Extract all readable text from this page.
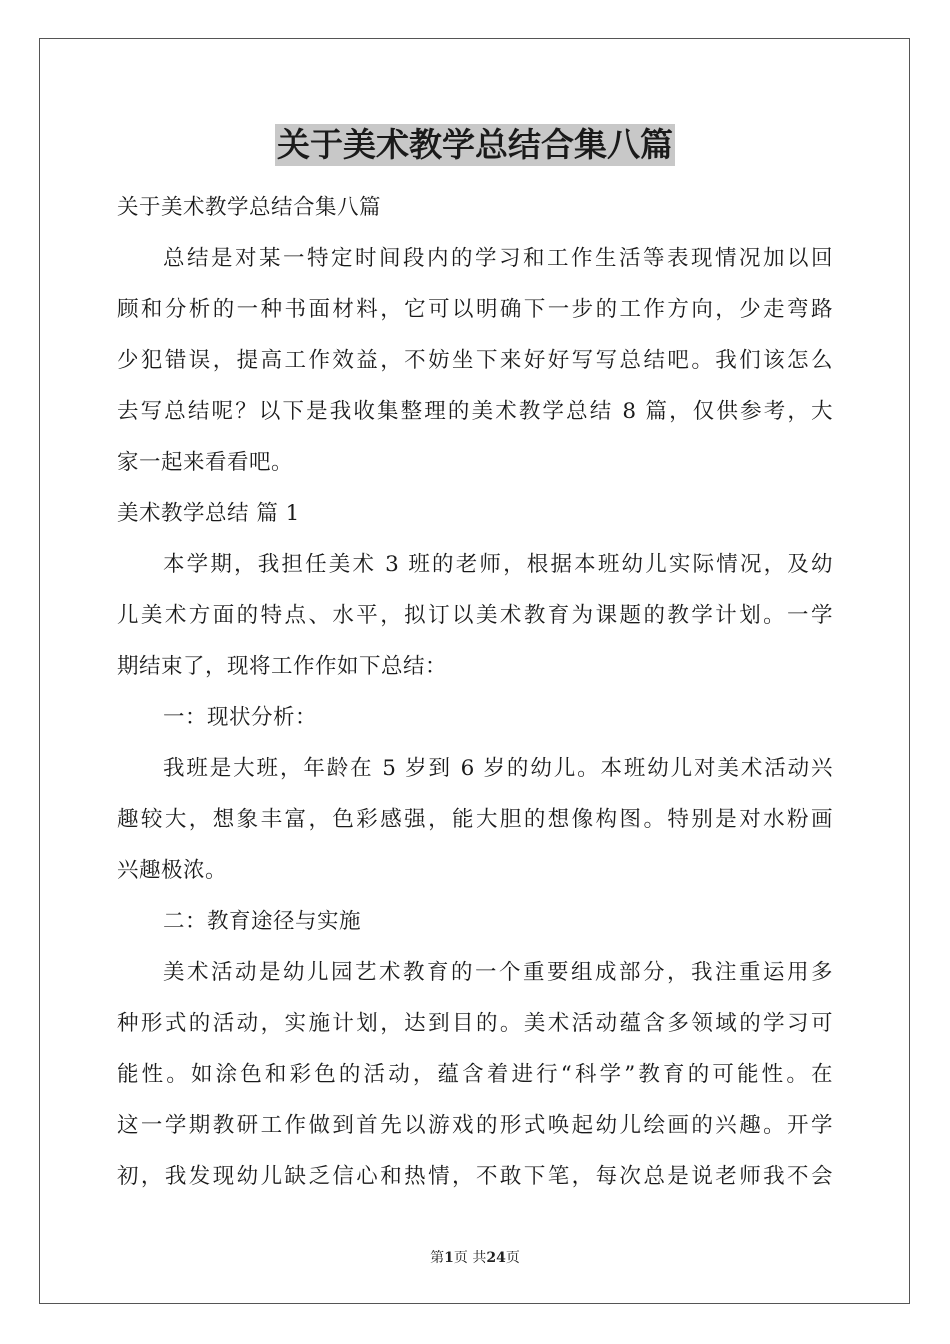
关于美术教学总结合集八篇
关于美术教学总结合集八篇
总结是对某一特定时间段内的学习和工作生活等表现情况加以回
顾和分析的一种书面材料，它可以明确下一步的工作方向，少走弯路
少犯错误，提高工作效益，不妨坐下来好好写写总结吧。我们该怎么
去写总结呢？以下是我收集整理的美术教学总结 8 篇，仅供参考，大
家一起来看看吧。
美术教学总结 篇 1
本学期，我担任美术 3 班的老师，根据本班幼儿实际情况，及幼
儿美术方面的特点、水平，拟订以美术教育为课题的教学计划。一学
期结束了，现将工作作如下总结：
一：现状分析：
我班是大班，年龄在 5 岁到 6 岁的幼儿。本班幼儿对美术活动兴
趣较大，想象丰富，色彩感强，能大胆的想像构图。特别是对水粉画
兴趣极浓。
二：教育途径与实施
美术活动是幼儿园艺术教育的一个重要组成部分，我注重运用多
种形式的活动，实施计划，达到目的。美术活动蕴含多领域的学习可
能性。如涂色和彩色的活动，蕴含着进行“科学”教育的可能性。在
这一学期教研工作做到首先以游戏的形式唤起幼儿绘画的兴趣。开学
初，我发现幼儿缺乏信心和热情，不敢下笔，每次总是说老师我不会
第1页 共24页
